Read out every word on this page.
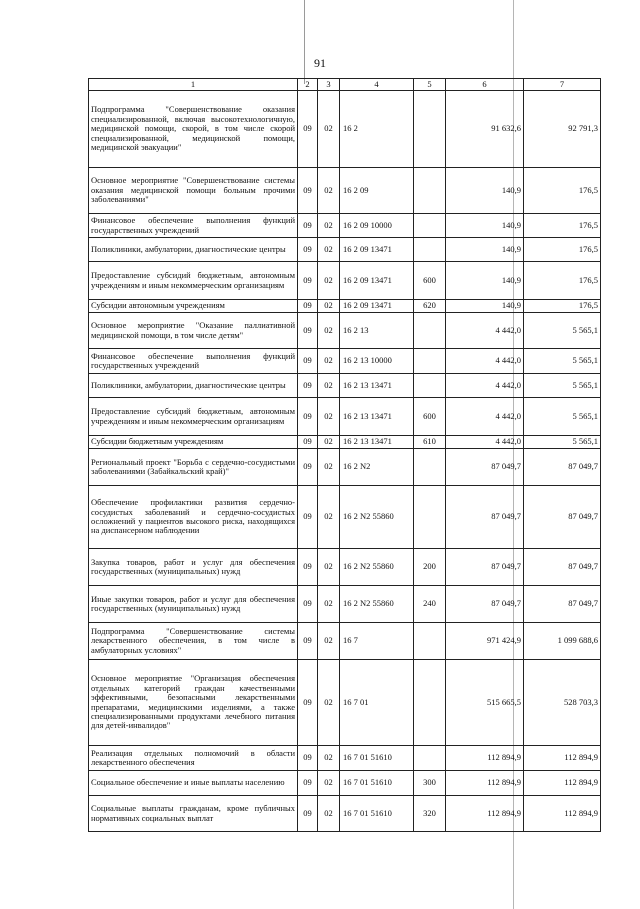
91
1	2	3	4	5	6	7
Подпрограмма "Совершенствование оказания специализированной, включая высокотехнологичную, медицинской помощи, скорой, в том числе скорой специализированной, медицинской помощи, медицинской эвакуации"	09	02	16 2		91 632,6	92 791,3
Основное мероприятие "Совершенствование системы оказания медицинской помощи больным прочими заболеваниями"	09	02	16 2 09		140,9	176,5
Финансовое обеспечение выполнения функций государственных учреждений	09	02	16 2 09 10000		140,9	176,5
Поликлиники, амбулатории, диагностические центры	09	02	16 2 09 13471		140,9	176,5
Предоставление субсидий бюджетным, автономным учреждениям и иным некоммерческим организациям	09	02	16 2 09 13471	600	140,9	176,5
Субсидии автономным учреждениям	09	02	16 2 09 13471	620	140,9	176,5
Основное мероприятие "Оказание паллиативной медицинской помощи, в том числе детям"	09	02	16 2 13		4 442,0	5 565,1
Финансовое обеспечение выполнения функций государственных учреждений	09	02	16 2 13 10000		4 442,0	5 565,1
Поликлиники, амбулатории, диагностические центры	09	02	16 2 13 13471		4 442,0	5 565,1
Предоставление субсидий бюджетным, автономным учреждениям и иным некоммерческим организациям	09	02	16 2 13 13471	600	4 442,0	5 565,1
Субсидии бюджетным учреждениям	09	02	16 2 13 13471	610	4 442,0	5 565,1
Региональный проект "Борьба с сердечно-сосудистыми заболеваниями (Забайкальский край)"	09	02	16 2 N2		87 049,7	87 049,7
Обеспечение профилактики развития сердечно-сосудистых заболеваний и сердечно-сосудистых осложнений у пациентов высокого риска, находящихся на диспансерном наблюдении	09	02	16 2 N2 55860		87 049,7	87 049,7
Закупка товаров, работ и услуг для обеспечения государственных (муниципальных) нужд	09	02	16 2 N2 55860	200	87 049,7	87 049,7
Иные закупки товаров, работ и услуг для обеспечения государственных (муниципальных) нужд	09	02	16 2 N2 55860	240	87 049,7	87 049,7
Подпрограмма "Совершенствование системы лекарственного обеспечения, в том числе в амбулаторных условиях"	09	02	16 7		971 424,9	1 099 688,6
Основное мероприятие "Организация обеспечения отдельных категорий граждан качественными эффективными, безопасными лекарственными препаратами, медицинскими изделиями, а также специализированными продуктами лечебного питания для детей-инвалидов"	09	02	16 7 01		515 665,5	528 703,3
Реализация отдельных полномочий в области лекарственного обеспечения	09	02	16 7 01 51610		112 894,9	112 894,9
Социальное обеспечение и иные выплаты населению	09	02	16 7 01 51610	300	112 894,9	112 894,9
Социальные выплаты гражданам, кроме публичных нормативных социальных выплат	09	02	16 7 01 51610	320	112 894,9	112 894,9
